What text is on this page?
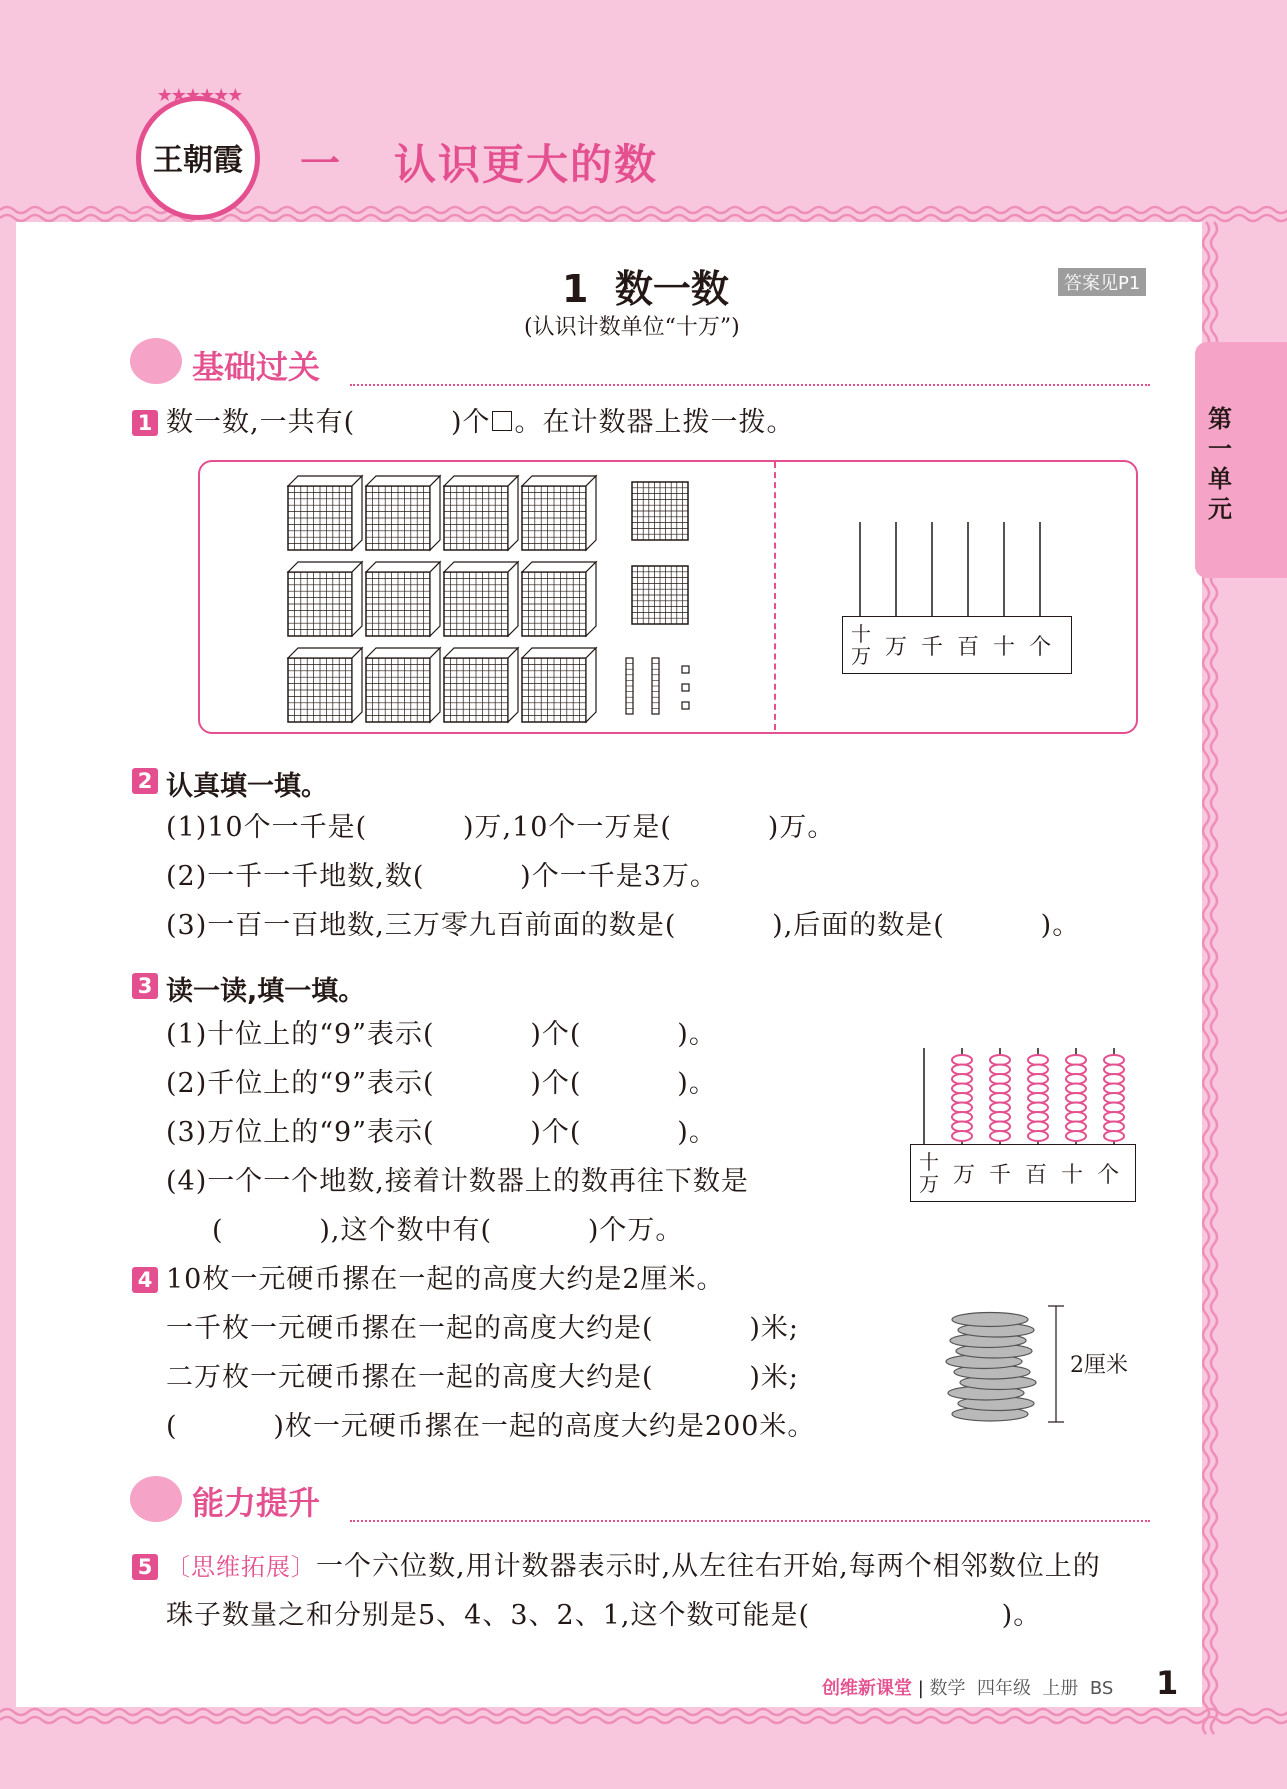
★★★★★★
王朝霞	一 认识更大的数
第一单元
1  数一数	答案见P1
(认识计数单位“十万”)
基础过关
1 数一数,一共有(          )个 。在计数器上拨一拨。
十
万 万 千 百 十 个
2 认真填一填。
(1)10个一千是(          )万,10个一万是(          )万。
(2)一千一千地数,数(          )个一千是3万。
(3)一百一百地数,三万零九百前面的数是(          ),后面的数是(          )。
3 读一读,填一填。
(1)十位上的“9”表示(          )个(          )。
(2)千位上的“9”表示(          )个(          )。
(3)万位上的“9”表示(          )个(          )。
(4)一个一个地数,接着计数器上的数再往下数是
(          ),这个数中有(          )个万。
十
万 万 千 百 十 个
4 10枚一元硬币摞在一起的高度大约是2厘米。
一千枚一元硬币摞在一起的高度大约是(          )米;
二万枚一元硬币摞在一起的高度大约是(          )米;
(          )枚一元硬币摞在一起的高度大约是200米。
2厘米
能力提升
5 〔思维拓展〕一个六位数,用计数器表示时,从左往右开始,每两个相邻数位上的
珠子数量之和分别是5、4、3、2、1,这个数可能是(                    )。
创维新课堂 | 数学  四年级  上册  BS 1
